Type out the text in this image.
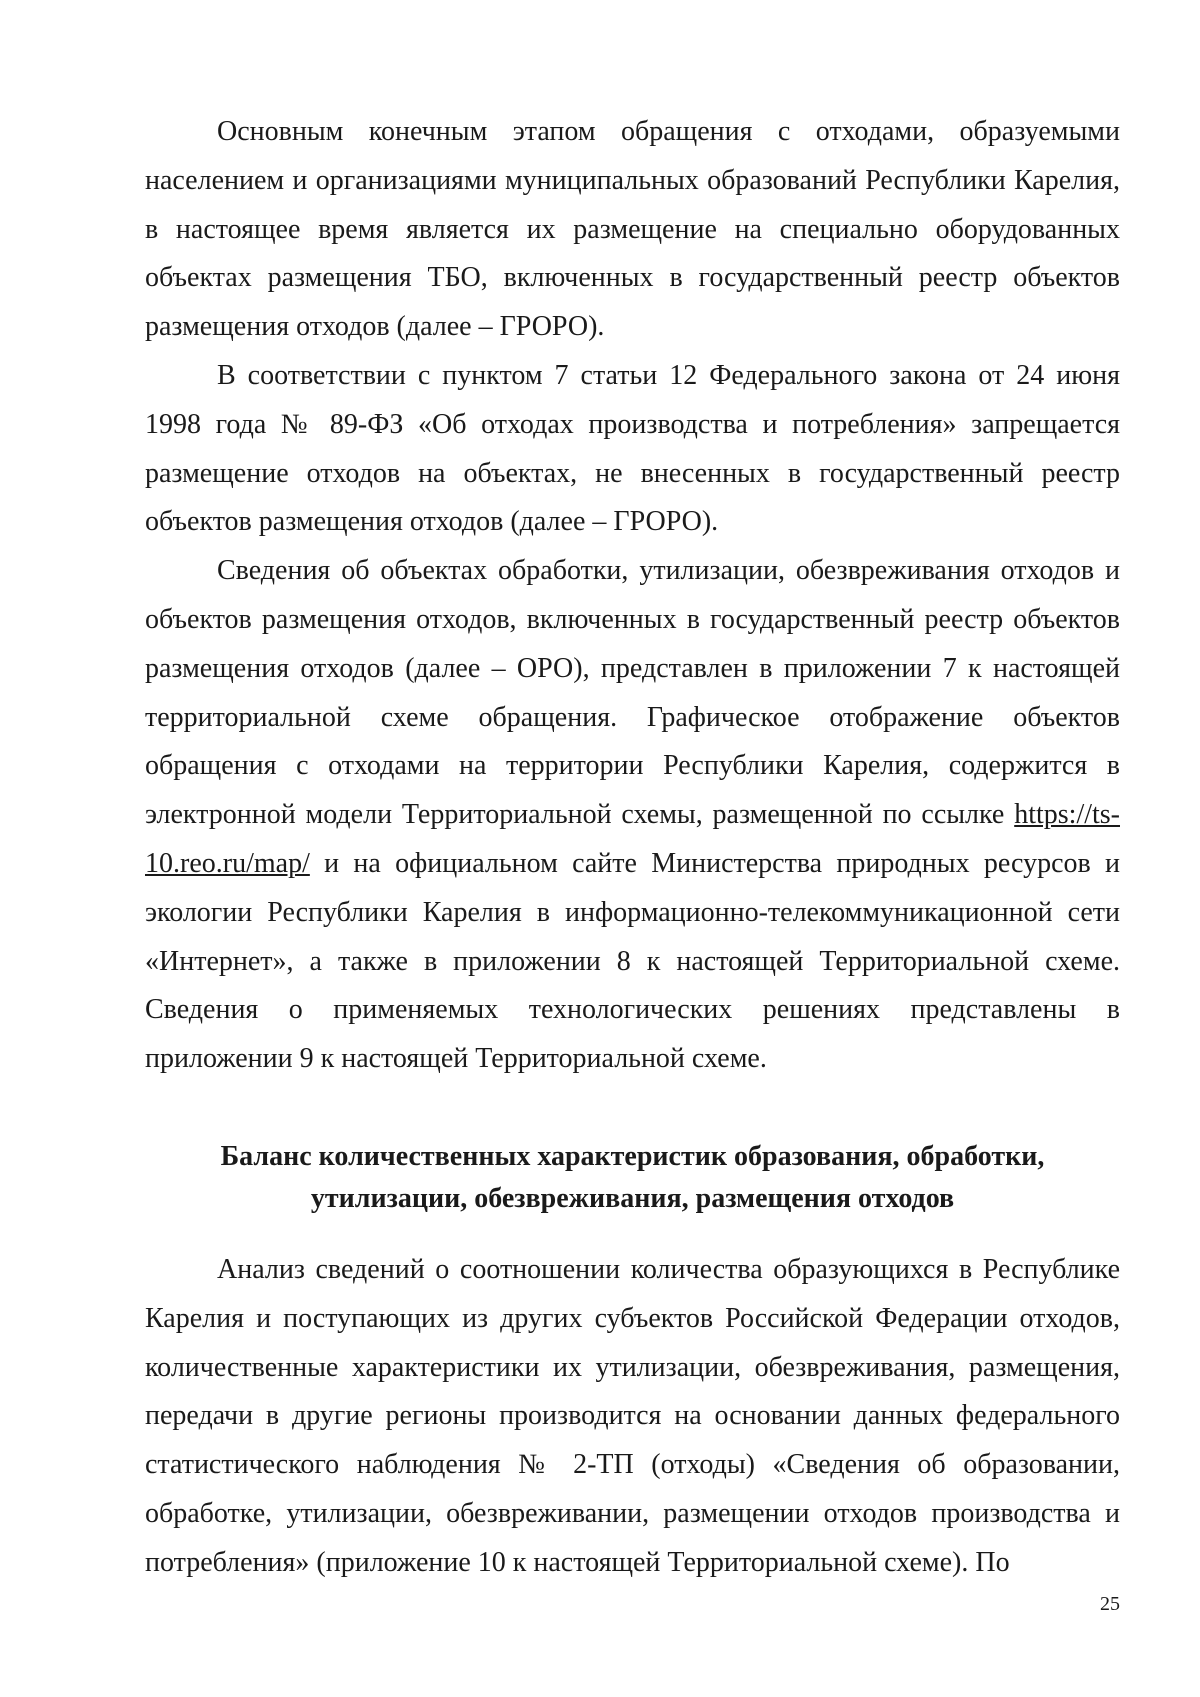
Основным конечным этапом обращения с отходами, образуемыми населением и организациями муниципальных образований Республики Карелия, в настоящее время является их размещение на специально оборудованных объектах размещения ТБО, включенных в государственный реестр объектов размещения отходов (далее – ГРОРО).

В соответствии с пунктом 7 статьи 12 Федерального закона от 24 июня 1998 года № 89-ФЗ «Об отходах производства и потребления» запрещается размещение отходов на объектах, не внесенных в государственный реестр объектов размещения отходов (далее – ГРОРО).

Сведения об объектах обработки, утилизации, обезвреживания отходов и объектов размещения отходов, включенных в государственный реестр объектов размещения отходов (далее – ОРО), представлен в приложении 7 к настоящей территориальной схеме обращения. Графическое отображение объектов обращения с отходами на территории Республики Карелия, содержится в электронной модели Территориальной схемы, размещенной по ссылке https://ts-10.reo.ru/map/ и на официальном сайте Министерства природных ресурсов и экологии Республики Карелия в информационно-телекоммуникационной сети «Интернет», а также в приложении 8 к настоящей Территориальной схеме. Сведения о применяемых технологических решениях представлены в приложении 9 к настоящей Территориальной схеме.

Баланс количественных характеристик образования, обработки, утилизации, обезвреживания, размещения отходов

Анализ сведений о соотношении количества образующихся в Республике Карелия и поступающих из других субъектов Российской Федерации отходов, количественные характеристики их утилизации, обезвреживания, размещения, передачи в другие регионы производится на основании данных федерального статистического наблюдения № 2-ТП (отходы) «Сведения об образовании, обработке, утилизации, обезвреживании, размещении отходов производства и потребления» (приложение 10 к настоящей Территориальной схеме). По

25
